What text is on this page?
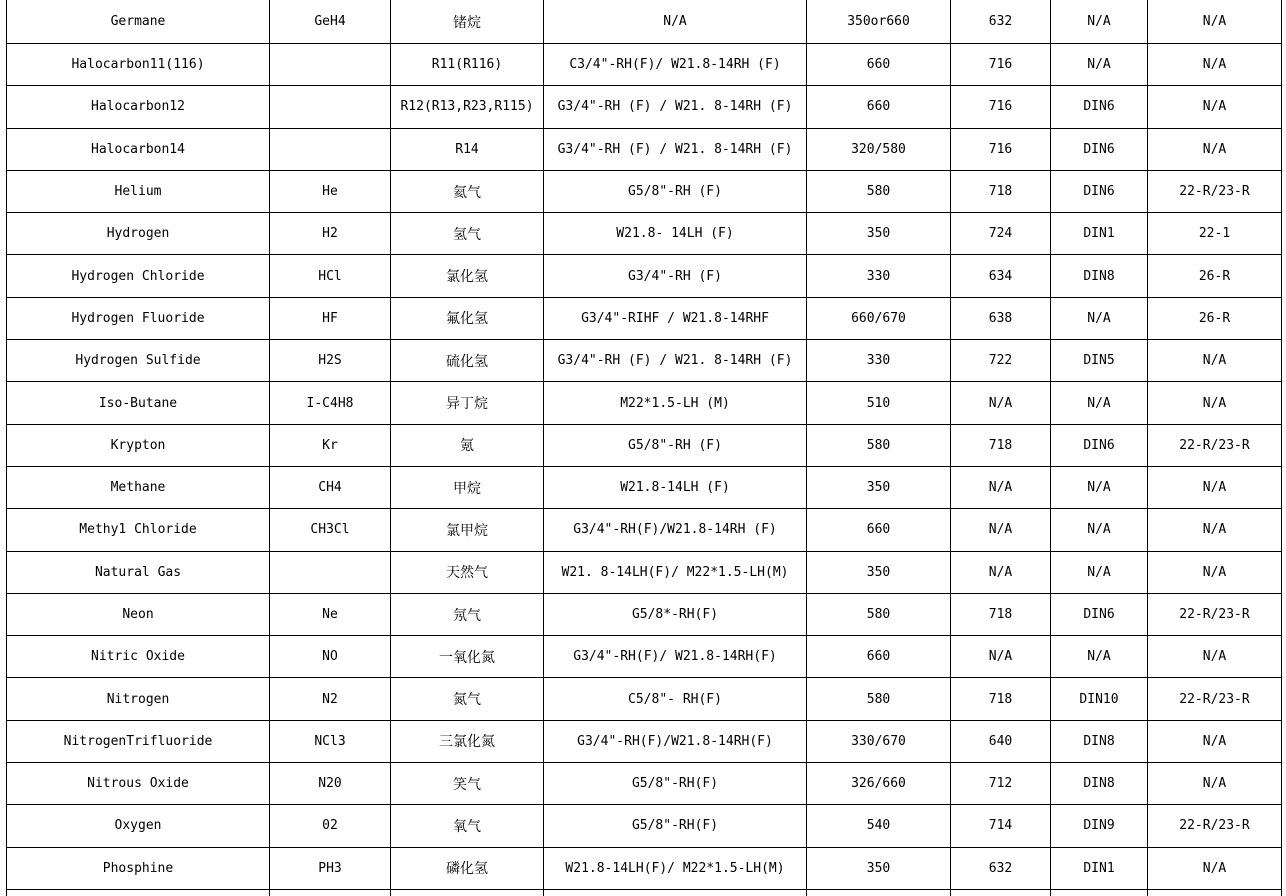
Germane	GeH4	锗烷	N/A	350or660	632	N/A	N/A
Halocarbon11(116)		R11(R116)	C3/4"-RH(F)/ W21.8-14RH (F)	660	716	N/A	N/A
Halocarbon12		R12(R13,R23,R115)	G3/4"-RH (F) / W21. 8-14RH (F)	660	716	DIN6	N/A
Halocarbon14		R14	G3/4"-RH (F) / W21. 8-14RH (F)	320/580	716	DIN6	N/A
Helium	He	氦气	G5/8"-RH (F)	580	718	DIN6	22-R/23-R
Hydrogen	H2	氢气	W21.8- 14LH (F)	350	724	DIN1	22-1
Hydrogen Chloride	HCl	氯化氢	G3/4"-RH (F)	330	634	DIN8	26-R
Hydrogen Fluoride	HF	氟化氢	G3/4"-RIHF / W21.8-14RHF	660/670	638	N/A	26-R
Hydrogen Sulfide	H2S	硫化氢	G3/4"-RH (F) / W21. 8-14RH (F)	330	722	DIN5	N/A
Iso-Butane	I-C4H8	异丁烷	M22*1.5-LH (M)	510	N/A	N/A	N/A
Krypton	Kr	氪	G5/8"-RH (F)	580	718	DIN6	22-R/23-R
Methane	CH4	甲烷	W21.8-14LH (F)	350	N/A	N/A	N/A
Methy1 Chloride	CH3Cl	氯甲烷	G3/4"-RH(F)/W21.8-14RH (F)	660	N/A	N/A	N/A
Natural Gas		天然气	W21. 8-14LH(F)/ M22*1.5-LH(M)	350	N/A	N/A	N/A
Neon	Ne	氖气	G5/8*-RH(F)	580	718	DIN6	22-R/23-R
Nitric Oxide	NO	一氧化氮	G3/4"-RH(F)/ W21.8-14RH(F)	660	N/A	N/A	N/A
Nitrogen	N2	氮气	C5/8"- RH(F)	580	718	DIN10	22-R/23-R
NitrogenTrifluoride	NCl3	三氯化氮	G3/4"-RH(F)/W21.8-14RH(F)	330/670	640	DIN8	N/A
Nitrous Oxide	N20	笑气	G5/8"-RH(F)	326/660	712	DIN8	N/A
Oxygen	02	氧气	G5/8"-RH(F)	540	714	DIN9	22-R/23-R
Phosphine	PH3	磷化氢	W21.8-14LH(F)/ M22*1.5-LH(M)	350	632	DIN1	N/A
